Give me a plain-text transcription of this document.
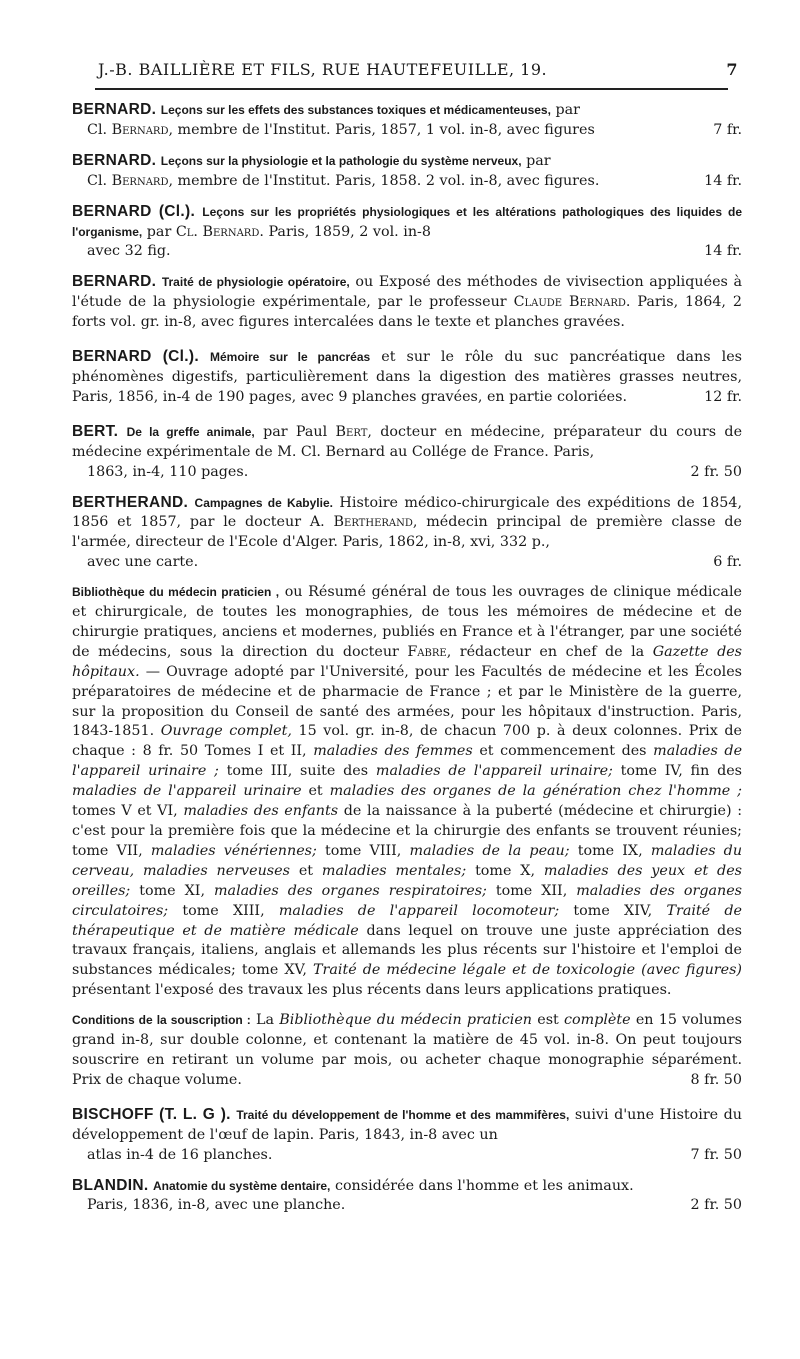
J.-B. BAILLIÈRE ET FILS, RUE HAUTEFEUILLE, 19.	7
BERNARD. Leçons sur les effets des substances toxiques et médicamenteuses, par
Cl. Bernard, membre de l'Institut. Paris, 1857, 1 vol. in-8, avec figures	7 fr.
BERNARD. Leçons sur la physiologie et la pathologie du système nerveux, par
Cl. Bernard, membre de l'Institut. Paris, 1858. 2 vol. in-8, avec figures.	14 fr.
BERNARD (Cl.). Leçons sur les propriétés physiologiques et les altérations pathologiques des liquides de l'organisme, par Cl. Bernard. Paris, 1859, 2 vol. in-8
avec 32 fig.	14 fr.
BERNARD. Traité de physiologie opératoire, ou Exposé des méthodes de vivisection appliquées à l'étude de la physiologie expérimentale, par le professeur Claude Bernard. Paris, 1864, 2 forts vol. gr. in-8, avec figures intercalées dans le texte et planches gravées.
BERNARD (Cl.). Mémoire sur le pancréas et sur le rôle du suc pancréatique dans les phénomènes digestifs, particulièrement dans la digestion des matières grasses neutres, Paris, 1856, in-4 de 190 pages, avec 9 planches gravées, en partie coloriées.	12 fr.
BERT. De la greffe animale, par Paul Bert, docteur en médecine, préparateur du cours de médecine expérimentale de M. Cl. Bernard au Collége de France. Paris,
1863, in-4, 110 pages.	2 fr. 50
BERTHERAND. Campagnes de Kabylie. Histoire médico-chirurgicale des expéditions de 1854, 1856 et 1857, par le docteur A. Bertherand, médecin principal de première classe de l'armée, directeur de l'Ecole d'Alger. Paris, 1862, in-8, xvi, 332 p.,
avec une carte.	6 fr.
Bibliothèque du médecin praticien , ou Résumé général de tous les ouvrages de clinique médicale et chirurgicale, de toutes les monographies, de tous les mémoires de médecine et de chirurgie pratiques, anciens et modernes, publiés en France et à l'étranger, par une société de médecins, sous la direction du docteur Fabre, rédacteur en chef de la Gazette des hôpitaux. — Ouvrage adopté par l'Université, pour les Facultés de médecine et les Écoles préparatoires de médecine et de pharmacie de France ; et par le Ministère de la guerre, sur la proposition du Conseil de santé des armées, pour les hôpitaux d'instruction. Paris, 1843-1851. Ouvrage complet, 15 vol. gr. in-8, de chacun 700 p. à deux colonnes. Prix de chaque : 8 fr. 50 Tomes I et II, maladies des femmes et commencement des maladies de l'appareil urinaire ; tome III, suite des maladies de l'appareil urinaire; tome IV, fin des maladies de l'appareil urinaire et maladies des organes de la génération chez l'homme ; tomes V et VI, maladies des enfants de la naissance à la puberté (médecine et chirurgie) : c'est pour la première fois que la médecine et la chirurgie des enfants se trouvent réunies; tome VII, maladies vénériennes; tome VIII, maladies de la peau; tome IX, maladies du cerveau, maladies nerveuses et maladies mentales; tome X, maladies des yeux et des oreilles; tome XI, maladies des organes respiratoires; tome XII, maladies des organes circulatoires; tome XIII, maladies de l'appareil locomoteur; tome XIV, Traité de thérapeutique et de matière médicale dans lequel on trouve une juste appréciation des travaux français, italiens, anglais et allemands les plus récents sur l'histoire et l'emploi de substances médicales; tome XV, Traité de médecine légale et de toxicologie (avec figures) présentant l'exposé des travaux les plus récents dans leurs applications pratiques.
Conditions de la souscription : La Bibliothèque du médecin praticien est complète en 15 volumes grand in-8, sur double colonne, et contenant la matière de 45 vol. in-8. On peut toujours souscrire en retirant un volume par mois, ou acheter chaque monographie séparément. Prix de chaque volume.	8 fr. 50
BISCHOFF (T. L. G ). Traité du développement de l'homme et des mammifères, suivi d'une Histoire du développement de l'œuf de lapin. Paris, 1843, in-8 avec un
atlas in-4 de 16 planches.	7 fr. 50
BLANDIN. Anatomie du système dentaire, considérée dans l'homme et les animaux.
Paris, 1836, in-8, avec une planche.	2 fr. 50
